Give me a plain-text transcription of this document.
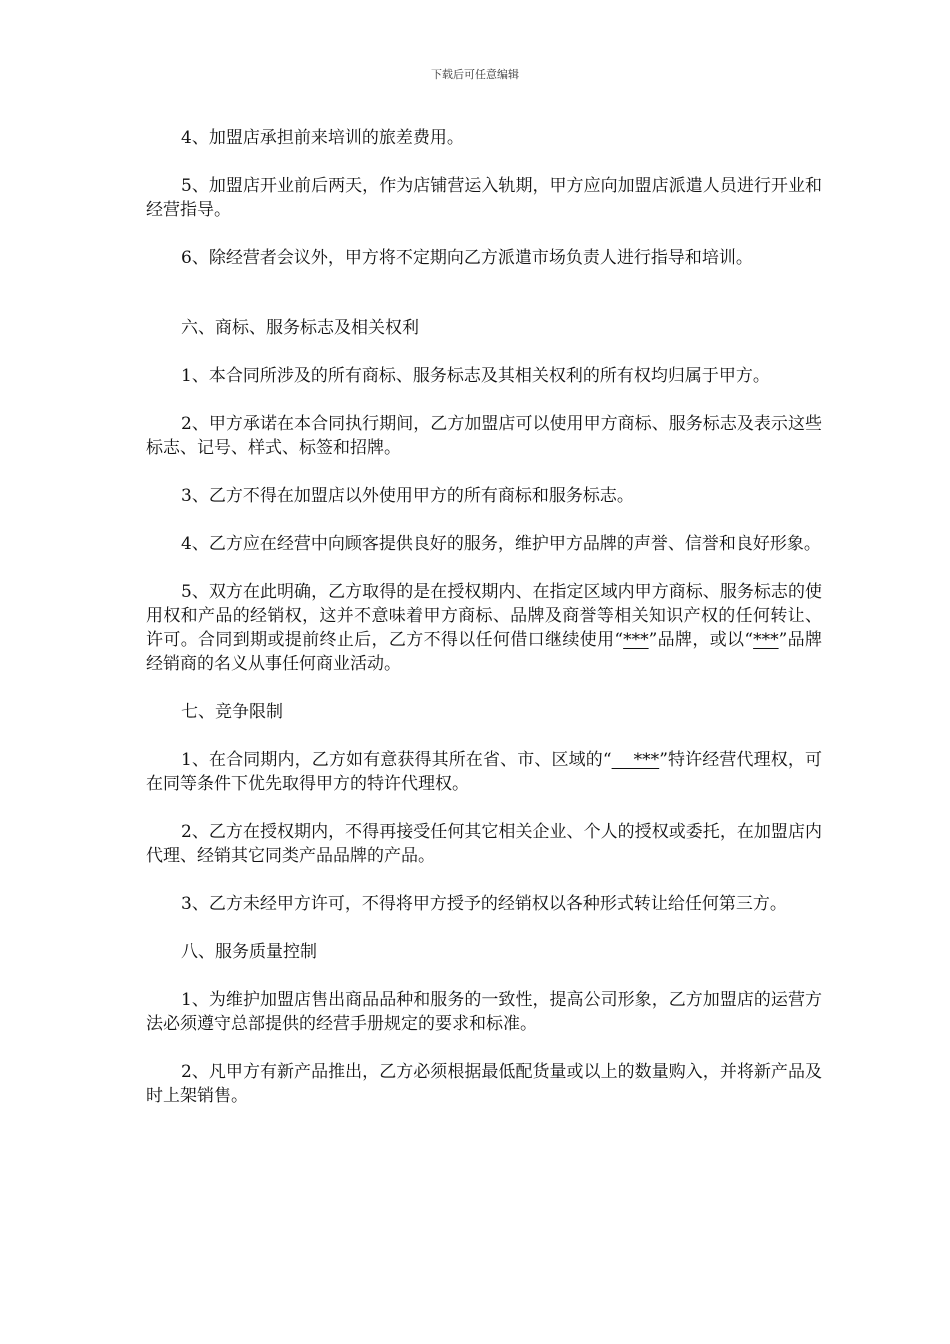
下载后可任意编辑

4、加盟店承担前来培训的旅差费用。

5、加盟店开业前后两天，作为店铺营运入轨期，甲方应向加盟店派遣人员进行开业和经营指导。

6、除经营者会议外，甲方将不定期向乙方派遣市场负责人进行指导和培训。

六、商标、服务标志及相关权利

1、本合同所涉及的所有商标、服务标志及其相关权利的所有权均归属于甲方。

2、甲方承诺在本合同执行期间，乙方加盟店可以使用甲方商标、服务标志及表示这些标志、记号、样式、标签和招牌。

3、乙方不得在加盟店以外使用甲方的所有商标和服务标志。

4、乙方应在经营中向顾客提供良好的服务，维护甲方品牌的声誉、信誉和良好形象。

5、双方在此明确，乙方取得的是在授权期内、在指定区域内甲方商标、服务标志的使用权和产品的经销权，这并不意味着甲方商标、品牌及商誉等相关知识产权的任何转让、许可。合同到期或提前终止后，乙方不得以任何借口继续使用“***”品牌，或以“***”品牌经销商的名义从事任何商业活动。

七、竞争限制

1、在合同期内，乙方如有意获得其所在省、市、区域的“    ***”特许经营代理权，可在同等条件下优先取得甲方的特许代理权。

2、乙方在授权期内，不得再接受任何其它相关企业、个人的授权或委托，在加盟店内代理、经销其它同类产品品牌的产品。

3、乙方未经甲方许可，不得将甲方授予的经销权以各种形式转让给任何第三方。

八、服务质量控制

1、为维护加盟店售出商品品种和服务的一致性，提高公司形象，乙方加盟店的运营方法必须遵守总部提供的经营手册规定的要求和标准。

2、凡甲方有新产品推出，乙方必须根据最低配货量或以上的数量购入，并将新产品及时上架销售。
